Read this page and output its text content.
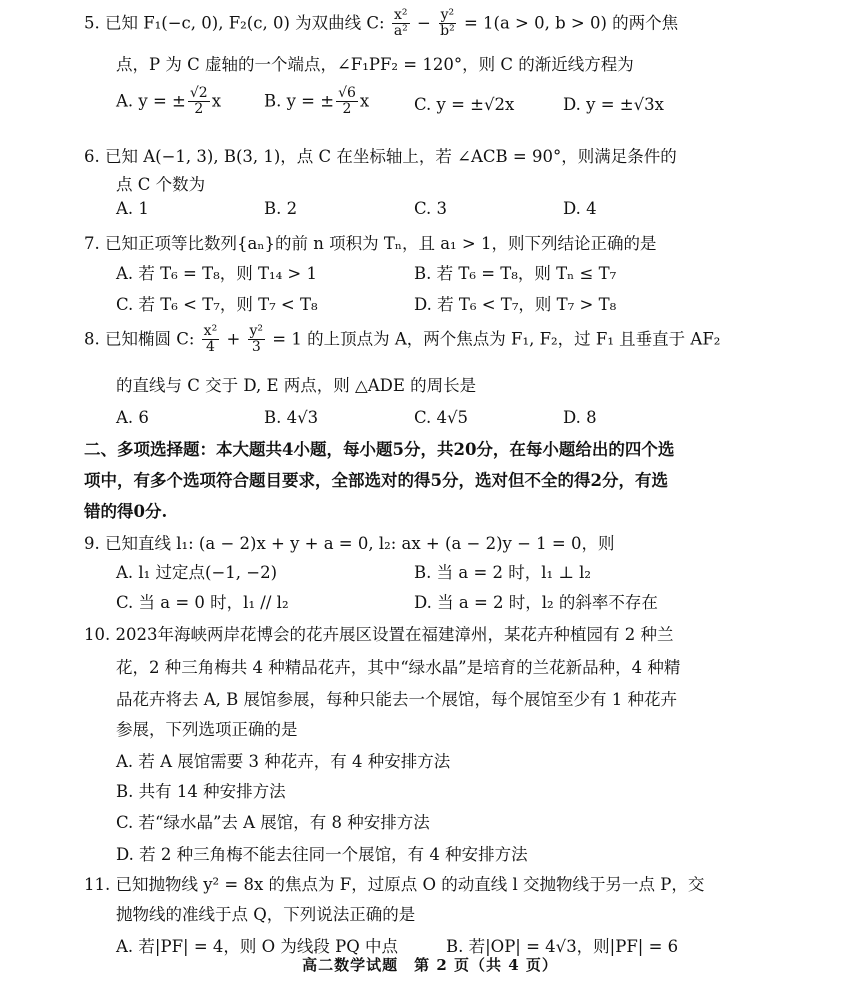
5. 已知 F₁(−c, 0), F₂(c, 0) 为双曲线 C: $\frac{\text{x²}}{\text{a²}} - \frac{\text{y²}}{\text{b²}} = 1(a > 0$, b > 0) 的两个焦
点，P 为 C 虚轴的一个端点，∠F₁PF₂ = 120°，则 C 的渐近线方程为
A. y = ± $\frac{√2}{2}$ x	B. y = ± $\frac{√6}{2}$ x	C. y = ±√2x	D. y = ±√3x
6. 已知 A(−1, 3), B(3, 1)，点 C 在坐标轴上，若 ∠ACB = 90°，则满足条件的
点 C 个数为
A. 1	B. 2	C. 3	D. 4
7. 已知正项等比数列{aₙ}的前 n 项积为 Tₙ，且 a₁ > 1，则下列结论正确的是
A. 若 T₆ = T₈，则 T₁₄ > 1	B. 若 T₆ = T₈，则 Tₙ ≤ T₇
C. 若 T₆ < T₇，则 T₇ < T₈	D. 若 T₆ < T₇，则 T₇ > T₈
8. 已知椭圆 C: $\frac{\text{x²}}{4} + \frac{\text{y²}}{3} = 1$ 的上顶点为 A，两个焦点为 F₁, F₂，过 F₁ 且垂直于 AF₂
的直线与 C 交于 D, E 两点，则 △ADE 的周长是
A. 6	B. 4√3	C. 4√5	D. 8
二、多项选择题：本大题共4小题，每小题5分，共20分，在每小题给出的四个选
项中，有多个选项符合题目要求，全部选对的得5分，选对但不全的得2分，有选
错的得0分.
9. 已知直线 l₁: (a − 2)x + y + a = 0, l₂: ax + (a − 2)y − 1 = 0，则
A. l₁ 过定点(−1, −2)	B. 当 a = 2 时，l₁ ⊥ l₂
C. 当 a = 0 时，l₁ // l₂	D. 当 a = 2 时，l₂ 的斜率不存在
10. 2023年海峡两岸花博会的花卉展区设置在福建漳州，某花卉种植园有 2 种兰
花，2 种三角梅共 4 种精品花卉，其中“绿水晶”是培育的兰花新品种，4 种精
品花卉将去 A, B 展馆参展，每种只能去一个展馆，每个展馆至少有 1 种花卉
参展，下列选项正确的是
A. 若 A 展馆需要 3 种花卉，有 4 种安排方法
B. 共有 14 种安排方法
C. 若“绿水晶”去 A 展馆，有 8 种安排方法
D. 若 2 种三角梅不能去往同一个展馆，有 4 种安排方法
11. 已知抛物线 y² = 8x 的焦点为 F，过原点 O 的动直线 l 交抛物线于另一点 P，交
抛物线的准线于点 Q，下列说法正确的是
A. 若|PF| = 4，则 O 为线段 PQ 中点	B. 若|OP| = 4√3，则|PF| = 6
高二数学试题　第 2 页（共 4 页）
